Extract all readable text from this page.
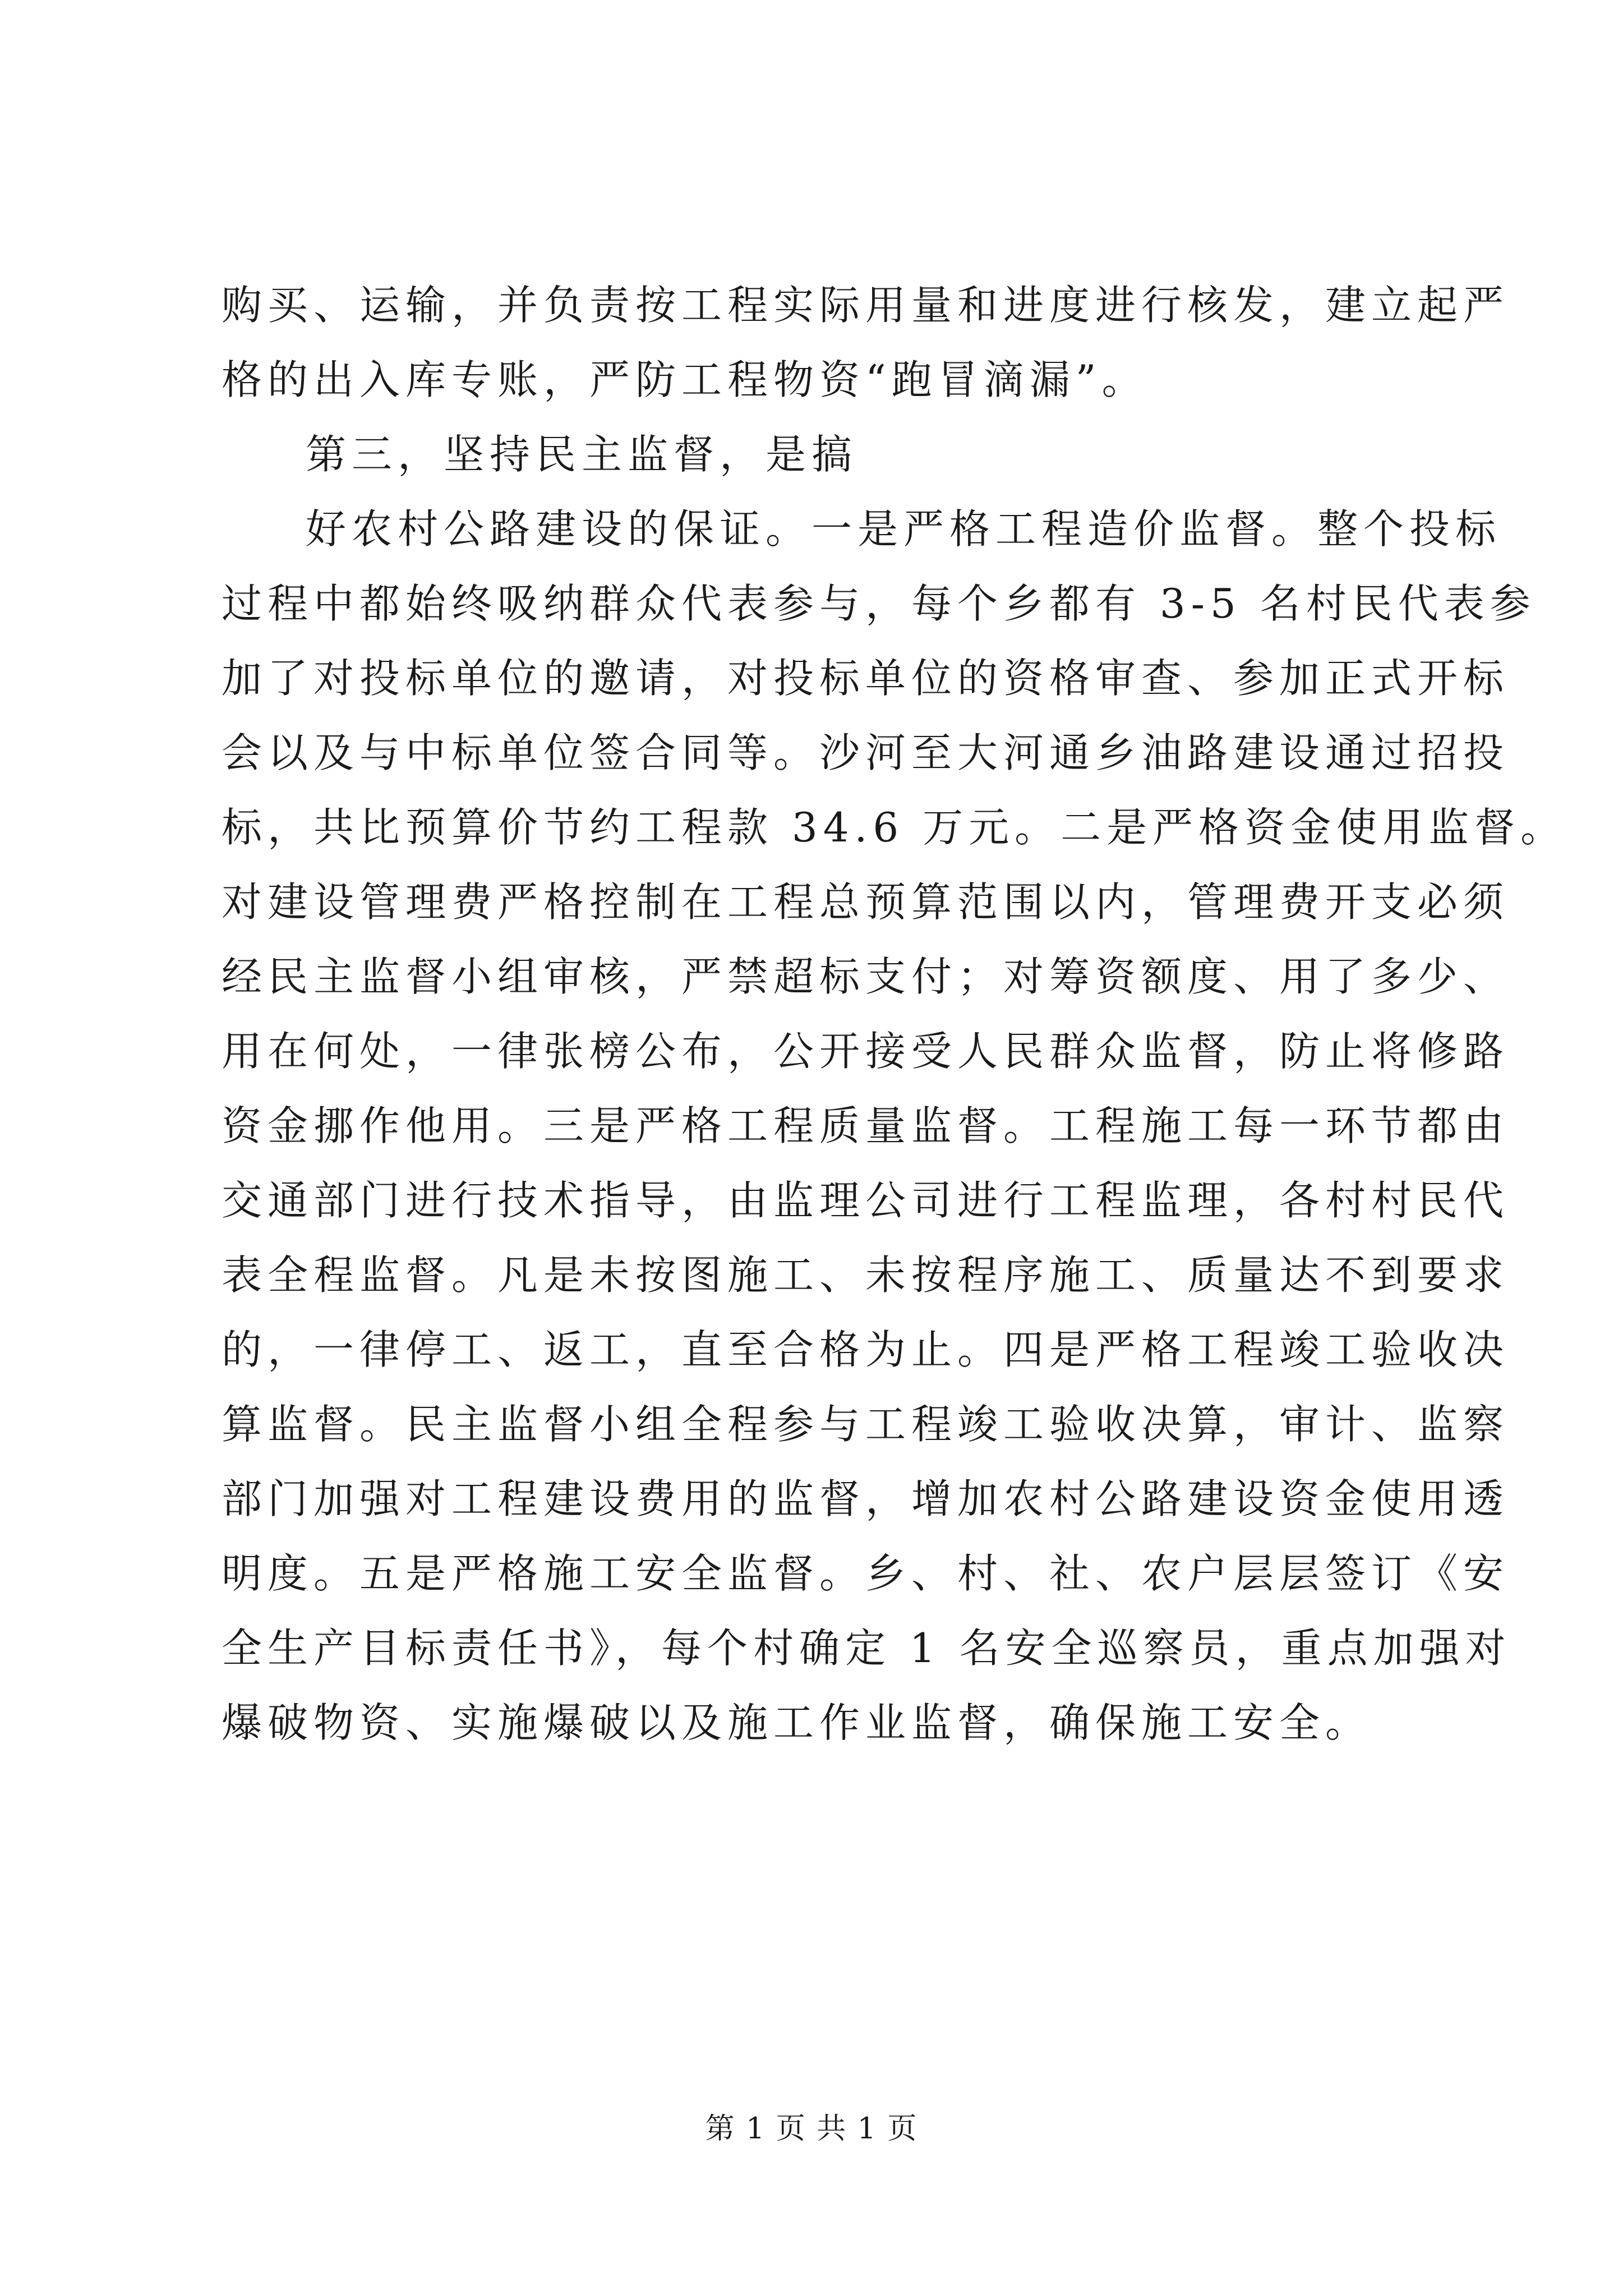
购买、运输，并负责按工程实际用量和进度进行核发，建立起严
格的出入库专账，严防工程物资“跑冒滴漏”。
第三，坚持民主监督，是搞
好农村公路建设的保证。一是严格工程造价监督。整个投标
过程中都始终吸纳群众代表参与，每个乡都有 3-5 名村民代表参
加了对投标单位的邀请，对投标单位的资格审查、参加正式开标
会以及与中标单位签合同等。沙河至大河通乡油路建设通过招投
标，共比预算价节约工程款 34.6 万元。二是严格资金使用监督。
对建设管理费严格控制在工程总预算范围以内，管理费开支必须
经民主监督小组审核，严禁超标支付；对筹资额度、用了多少、
用在何处，一律张榜公布，公开接受人民群众监督，防止将修路
资金挪作他用。三是严格工程质量监督。工程施工每一环节都由
交通部门进行技术指导，由监理公司进行工程监理，各村村民代
表全程监督。凡是未按图施工、未按程序施工、质量达不到要求
的，一律停工、返工，直至合格为止。四是严格工程竣工验收决
算监督。民主监督小组全程参与工程竣工验收决算，审计、监察
部门加强对工程建设费用的监督，增加农村公路建设资金使用透
明度。五是严格施工安全监督。乡、村、社、农户层层签订《安
全生产目标责任书》，每个村确定 1 名安全巡察员，重点加强对
爆破物资、实施爆破以及施工作业监督，确保施工安全。
第 1 页 共 1 页
